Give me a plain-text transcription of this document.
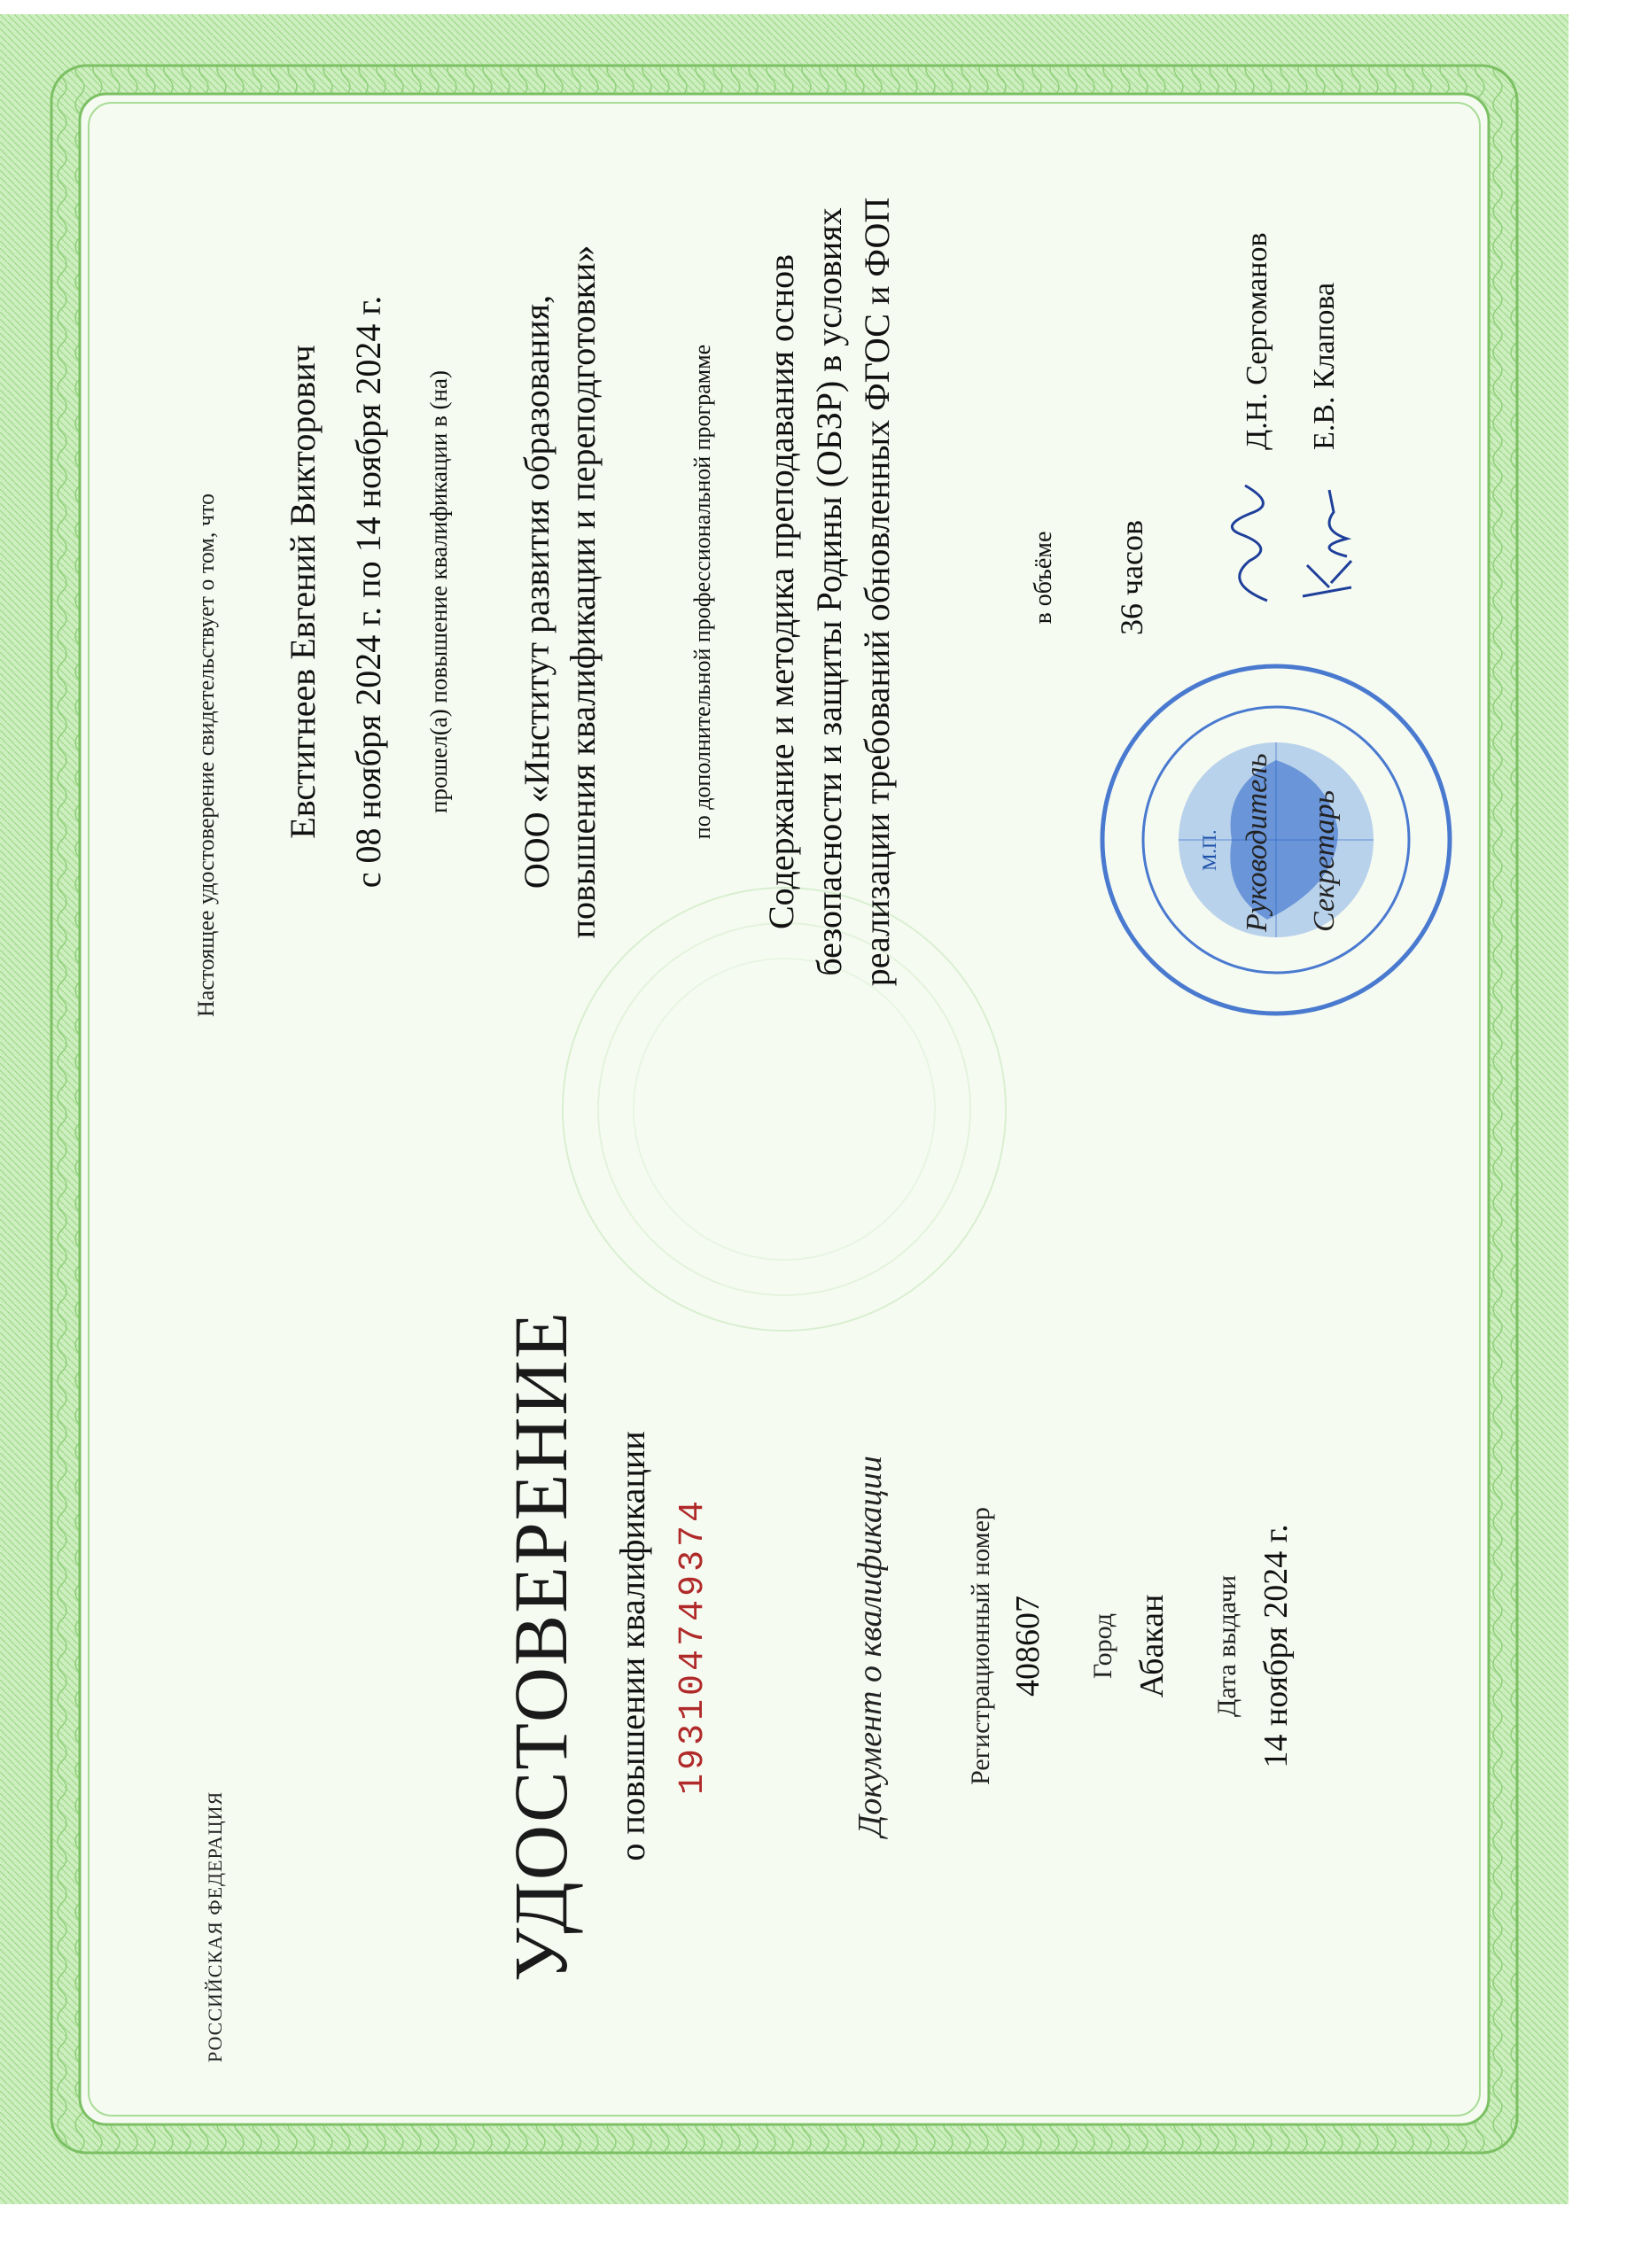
РОССИЙСКАЯ ФЕДЕРАЦИЯ	УДОСТОВЕРЕНИЕ о повышении квалификации 193104749374	Документ о квалификации	Регистрационный номер 408607 Город Абакан Дата выдачи 14 ноября 2024 г.
Настоящее удостоверение свидетельствует о том, что Евстигнеев Евгений Викторович с 08 ноября 2024 г. по 14 ноября 2024 г. прошел(а) повышение квалификации в (на) ООО «Институт развития образования, повышения квалификации и переподготовки»	по дополнительной профессиональной программе Содержание и методика преподавания основ безопасности и защиты Родины (ОБЗР) в условиях реализации требований обновленных ФГОС и ФОП	в объёме 36 часов
М.П. Руководитель
Д.Н. Сергоманов
Секретарь
Е.В. Клапова
